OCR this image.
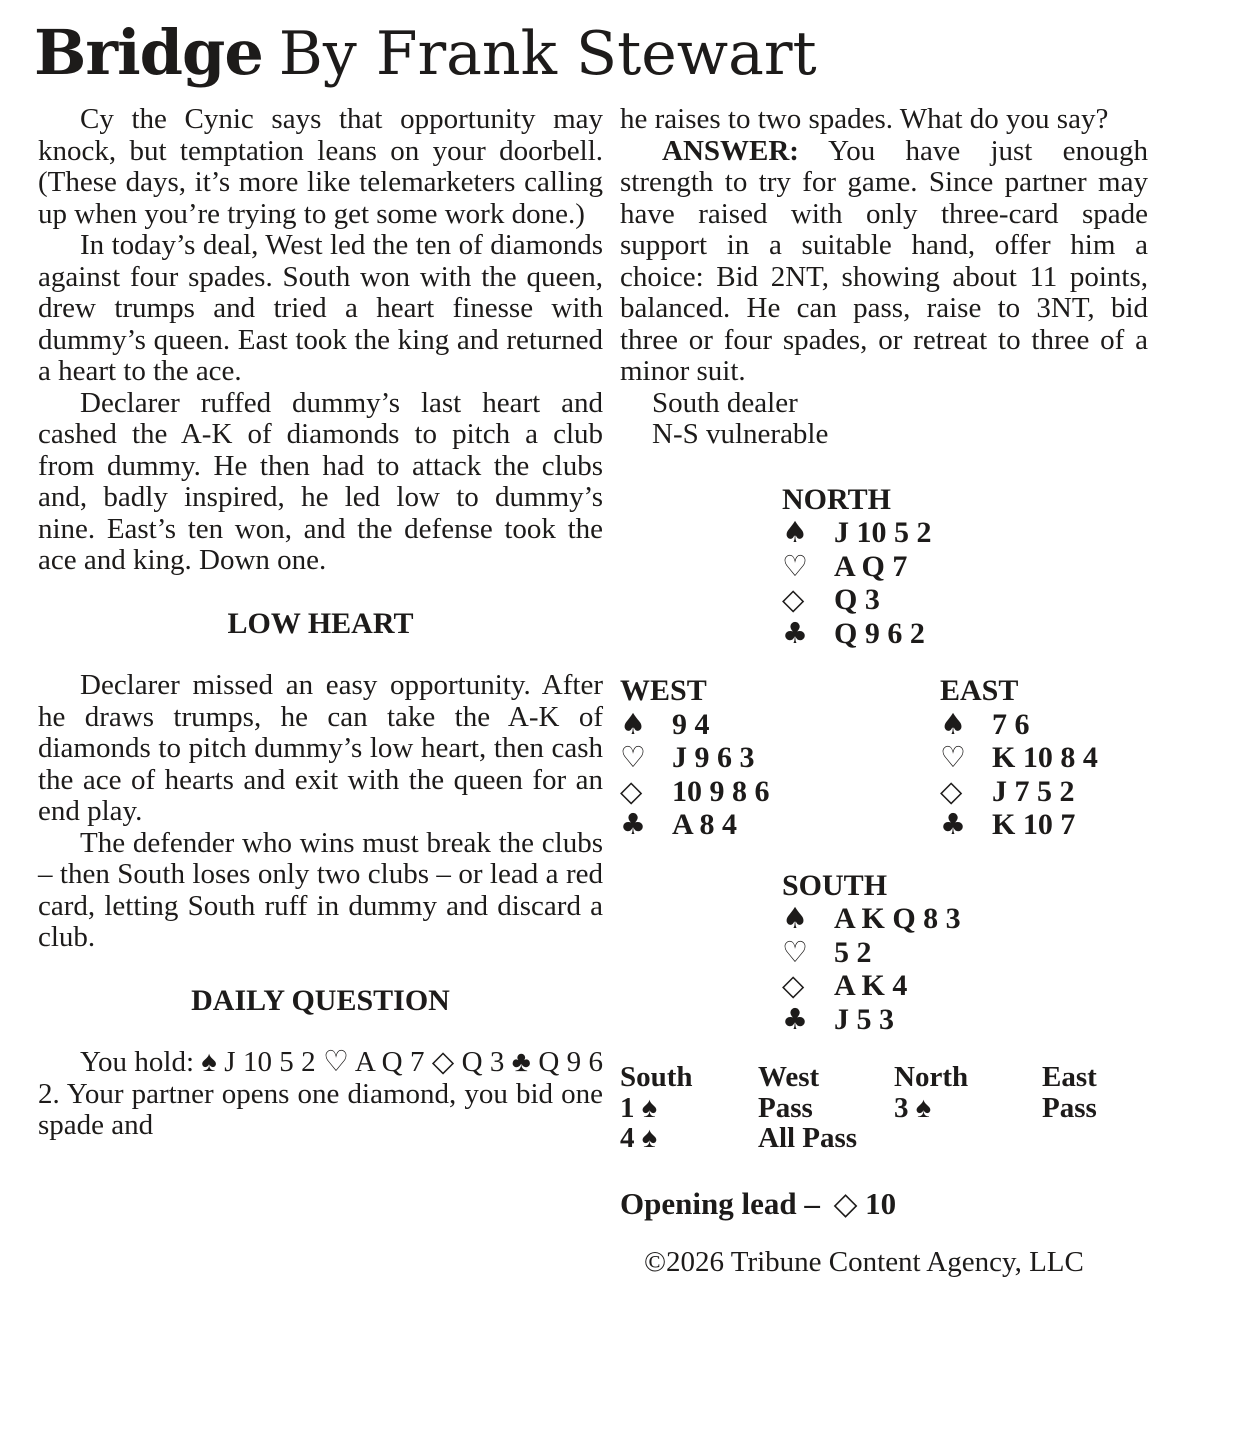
Bridge By Frank Stewart

Cy the Cynic says that opportunity may knock, but temptation leans on your doorbell. (These days, it’s more like telemarketers calling up when you’re trying to get some work done.)

In today’s deal, West led the ten of diamonds against four spades. South won with the queen, drew trumps and tried a heart finesse with dummy’s queen. East took the king and returned a heart to the ace.

Declarer ruffed dummy’s last heart and cashed the A-K of diamonds to pitch a club from dummy. He then had to attack the clubs and, badly inspired, he led low to dummy’s nine. East’s ten won, and the defense took the ace and king. Down one.

LOW HEART

Declarer missed an easy opportunity. After he draws trumps, he can take the A-K of diamonds to pitch dummy’s low heart, then cash the ace of hearts and exit with the queen for an end play.

The defender who wins must break the clubs – then South loses only two clubs – or lead a red card, letting South ruff in dummy and discard a club.

DAILY QUESTION

You hold: ♠ J 10 5 2 ♡ A Q 7 ◇ Q 3 ♣ Q 9 6 2. Your partner opens one diamond, you bid one spade and

he raises to two spades. What do you say?

ANSWER: You have just enough strength to try for game. Since partner may have raised with only three-card spade support in a suitable hand, offer him a choice: Bid 2NT, showing about 11 points, balanced. He can pass, raise to 3NT, bid three or four spades, or retreat to three of a minor suit.

South dealer

N-S vulnerable

NORTH
♠ J 10 5 2
♡ A Q 7
◇ Q 3
♣ Q 9 6 2
WEST
♠ 9 4
♡ J 9 6 3
◇ 10 9 8 6
♣ A 8 4
EAST
♠ 7 6
♡ K 10 8 4
◇ J 7 5 2
♣ K 10 7
SOUTH
♠ A K Q 8 3
♡ 5 2
◇ A K 4
♣ J 5 3
South	West	North	East
1 ♠	Pass	3 ♠	Pass
4 ♠	All Pass
Opening lead – ◇ 10
©2026 Tribune Content Agency, LLC
